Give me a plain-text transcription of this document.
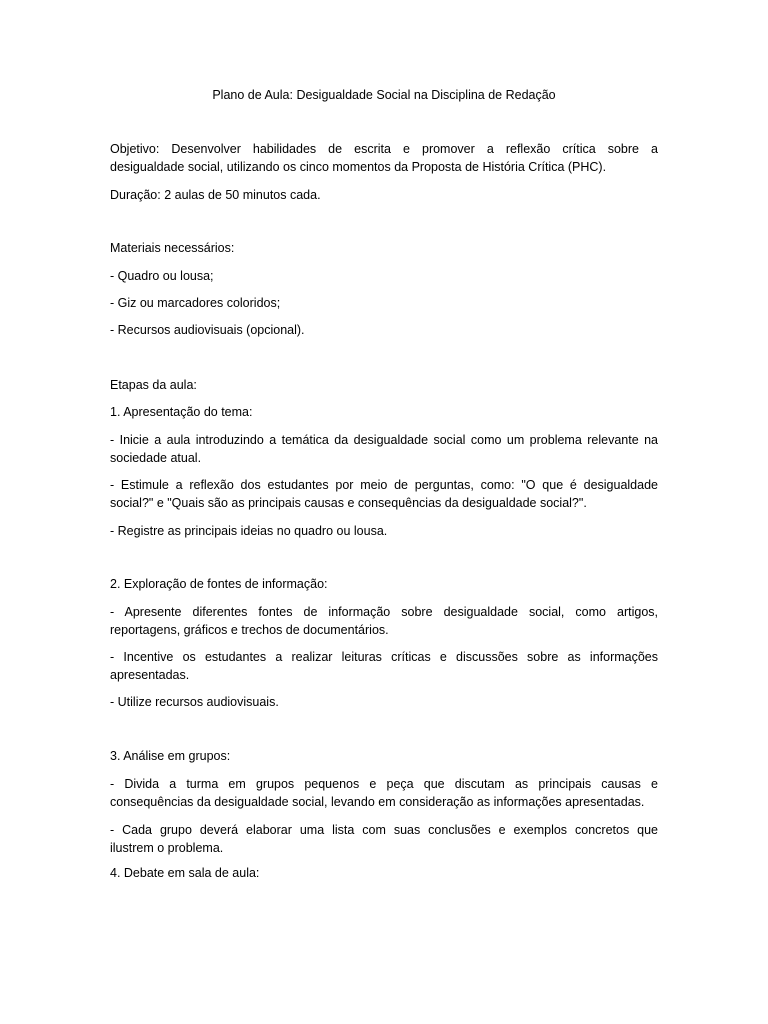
Plano de Aula: Desigualdade Social na Disciplina de Redação
Objetivo: Desenvolver habilidades de escrita e promover a reflexão crítica sobre a
desigualdade social, utilizando os cinco momentos da Proposta de História Crítica (PHC).
Duração: 2 aulas de 50 minutos cada.
Materiais necessários:
- Quadro ou lousa;
- Giz ou marcadores coloridos;
- Recursos audiovisuais (opcional).
Etapas da aula:
1. Apresentação do tema:
- Inicie a aula introduzindo a temática da desigualdade social como um problema relevante na
sociedade atual.
- Estimule a reflexão dos estudantes por meio de perguntas, como: "O que é desigualdade
social?" e "Quais são as principais causas e consequências da desigualdade social?".
- Registre as principais ideias no quadro ou lousa.
2. Exploração de fontes de informação:
- Apresente diferentes fontes de informação sobre desigualdade social, como artigos,
reportagens, gráficos e trechos de documentários.
- Incentive os estudantes a realizar leituras críticas e discussões sobre as informações
apresentadas.
- Utilize recursos audiovisuais.
3. Análise em grupos:
- Divida a turma em grupos pequenos e peça que discutam as principais causas e
consequências da desigualdade social, levando em consideração as informações apresentadas.
- Cada grupo deverá elaborar uma lista com suas conclusões e exemplos concretos que
ilustrem o problema.
4. Debate em sala de aula:
